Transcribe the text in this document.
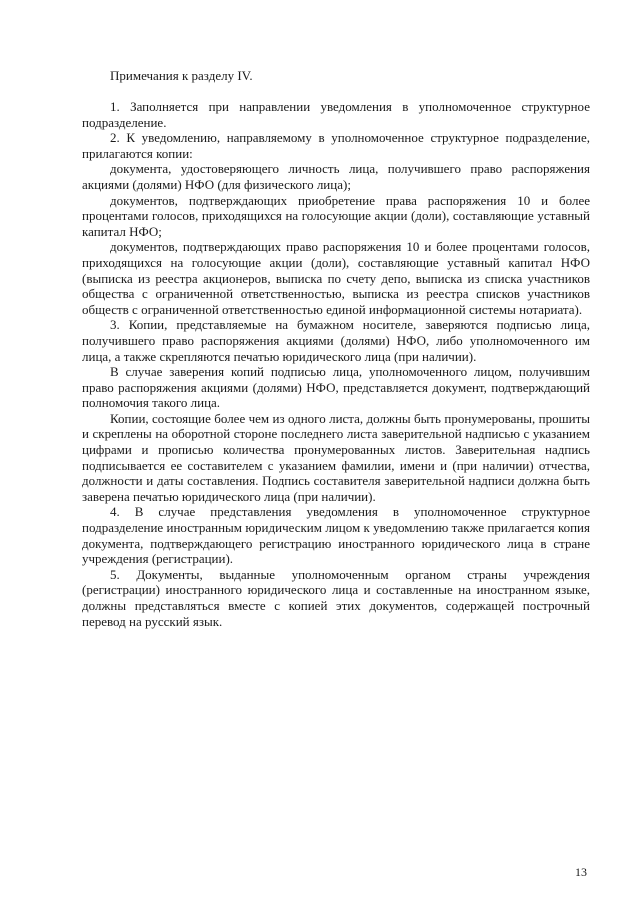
Примечания к разделу IV.

1. Заполняется при направлении уведомления в уполномоченное структурное подразделение.

2. К уведомлению, направляемому в уполномоченное структурное подразделение, прилагаются копии:

документа, удостоверяющего личность лица, получившего право распоряжения акциями (долями) НФО (для физического лица);

документов, подтверждающих приобретение права распоряжения 10 и более процентами голосов, приходящихся на голосующие акции (доли), составляющие уставный капитал НФО;

документов, подтверждающих право распоряжения 10 и более процентами голосов, приходящихся на голосующие акции (доли), составляющие уставный капитал НФО (выписка из реестра акционеров, выписка по счету депо, выписка из списка участников общества с ограниченной ответственностью, выписка из реестра списков участников обществ с ограниченной ответственностью единой информационной системы нотариата).

3. Копии, представляемые на бумажном носителе, заверяются подписью лица, получившего право распоряжения акциями (долями) НФО, либо уполномоченного им лица, а также скрепляются печатью юридического лица (при наличии).

В случае заверения копий подписью лица, уполномоченного лицом, получившим право распоряжения акциями (долями) НФО, представляется документ, подтверждающий полномочия такого лица.

Копии, состоящие более чем из одного листа, должны быть пронумерованы, прошиты и скреплены на оборотной стороне последнего листа заверительной надписью с указанием цифрами и прописью количества пронумерованных листов. Заверительная надпись подписывается ее составителем с указанием фамилии, имени и (при наличии) отчества, должности и даты составления. Подпись составителя заверительной надписи должна быть заверена печатью юридического лица (при наличии).

4. В случае представления уведомления в уполномоченное структурное подразделение иностранным юридическим лицом к уведомлению также прилагается копия документа, подтверждающего регистрацию иностранного юридического лица в стране учреждения (регистрации).

5. Документы, выданные уполномоченным органом страны учреждения (регистрации) иностранного юридического лица и составленные на иностранном языке, должны представляться вместе с копией этих документов, содержащей построчный перевод на русский язык.

13
